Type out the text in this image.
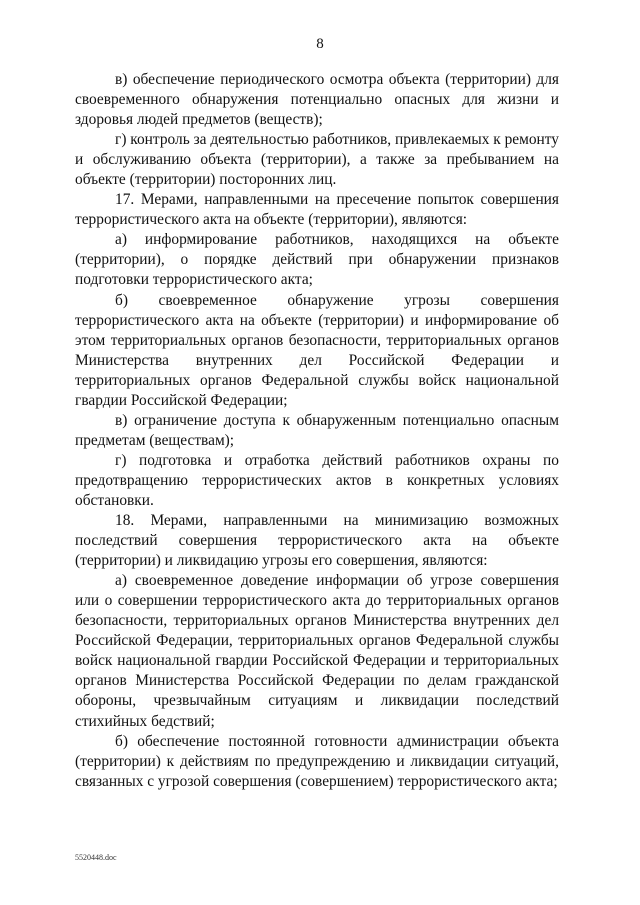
8

в) обеспечение периодического осмотра объекта (территории) для своевременного обнаружения потенциально опасных для жизни и здоровья людей предметов (веществ);

г) контроль за деятельностью работников, привлекаемых к ремонту и обслуживанию объекта (территории), а также за пребыванием на объекте (территории) посторонних лиц.

17. Мерами, направленными на пресечение попыток совершения террористического акта на объекте (территории), являются:

а) информирование работников, находящихся на объекте (территории), о порядке действий при обнаружении признаков подготовки террористического акта;

б) своевременное обнаружение угрозы совершения террористического акта на объекте (территории) и информирование об этом территориальных органов безопасности, территориальных органов Министерства внутренних дел Российской Федерации и территориальных органов Федеральной службы войск национальной гвардии Российской Федерации;

в) ограничение доступа к обнаруженным потенциально опасным предметам (веществам);

г) подготовка и отработка действий работников охраны по предотвращению террористических актов в конкретных условиях обстановки.

18. Мерами, направленными на минимизацию возможных последствий совершения террористического акта на объекте (территории) и ликвидацию угрозы его совершения, являются:

а) своевременное доведение информации об угрозе совершения или о совершении террористического акта до территориальных органов безопасности, территориальных органов Министерства внутренних дел Российской Федерации, территориальных органов Федеральной службы войск национальной гвардии Российской Федерации и территориальных органов Министерства Российской Федерации по делам гражданской обороны, чрезвычайным ситуациям и ликвидации последствий стихийных бедствий;

б) обеспечение постоянной готовности администрации объекта (территории) к действиям по предупреждению и ликвидации ситуаций, связанных с угрозой совершения (совершением) террористического акта;

5520448.doc
